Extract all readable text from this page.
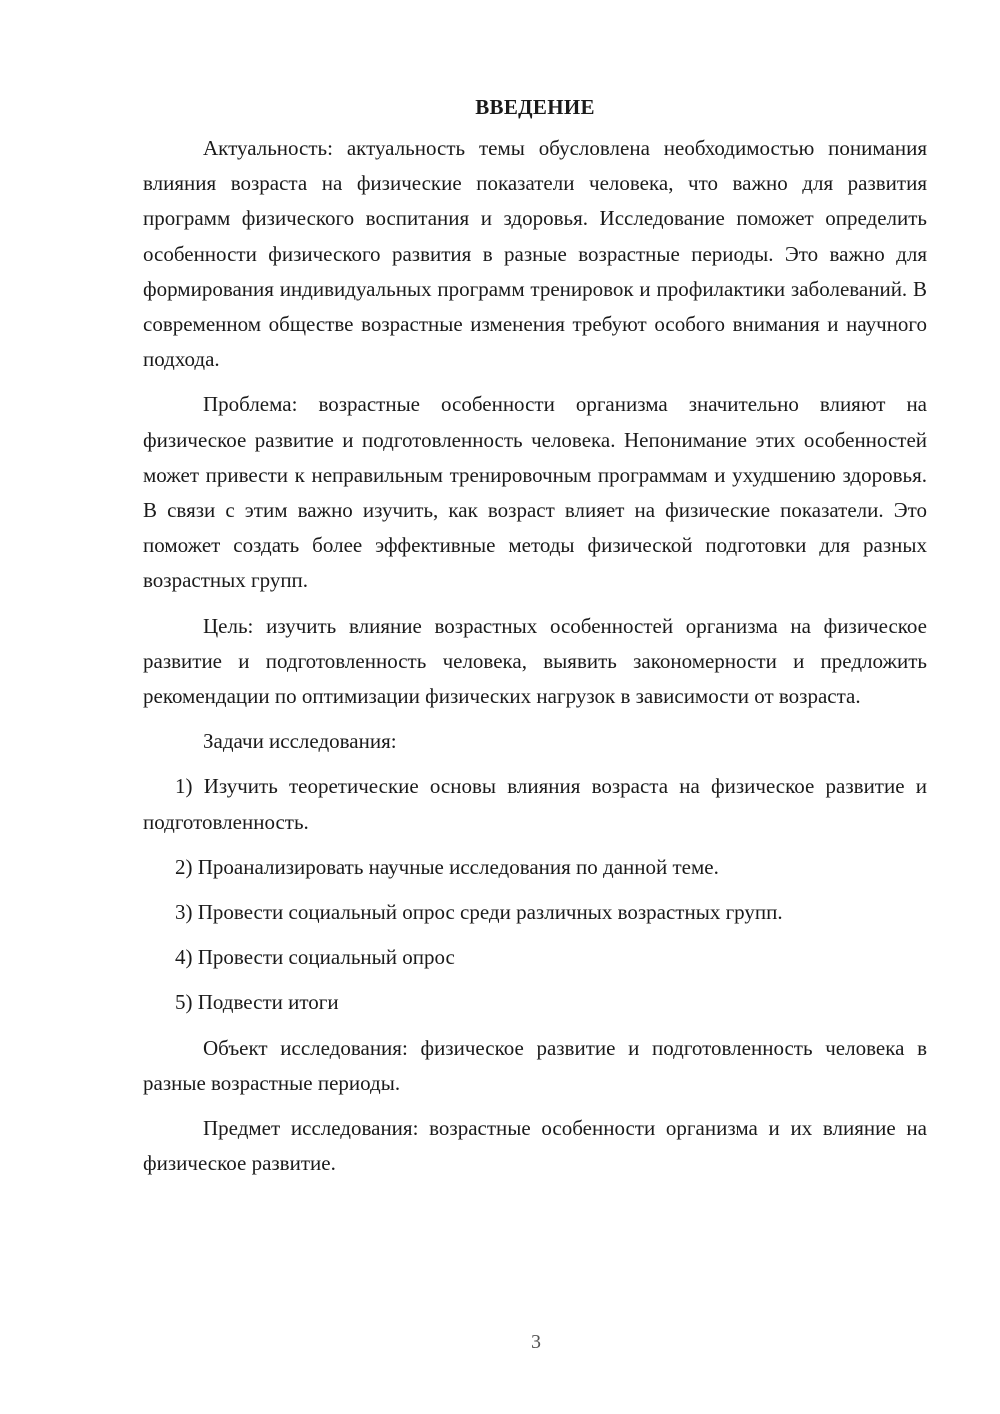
ВВЕДЕНИЕ

Актуальность: актуальность темы обусловлена необходимостью понимания влияния возраста на физические показатели человека, что важно для развития программ физического воспитания и здоровья. Исследование поможет определить особенности физического развития в разные возрастные периоды. Это важно для формирования индивидуальных программ тренировок и профилактики заболеваний. В современном обществе возрастные изменения требуют особого внимания и научного подхода.

Проблема: возрастные особенности организма значительно влияют на физическое развитие и подготовленность человека. Непонимание этих особенностей может привести к неправильным тренировочным программам и ухудшению здоровья. В связи с этим важно изучить, как возраст влияет на физические показатели. Это поможет создать более эффективные методы физической подготовки для разных возрастных групп.

Цель: изучить влияние возрастных особенностей организма на физическое развитие и подготовленность человека, выявить закономерности и предложить рекомендации по оптимизации физических нагрузок в зависимости от возраста.

Задачи исследования:

1) Изучить теоретические основы влияния возраста на физическое развитие и подготовленность.

2) Проанализировать научные исследования по данной теме.

3) Провести социальный опрос среди различных возрастных групп.

4) Провести социальный опрос

5) Подвести итоги

Объект исследования: физическое развитие и подготовленность человека в разные возрастные периоды.

Предмет исследования: возрастные особенности организма и их влияние на физическое развитие.

3
